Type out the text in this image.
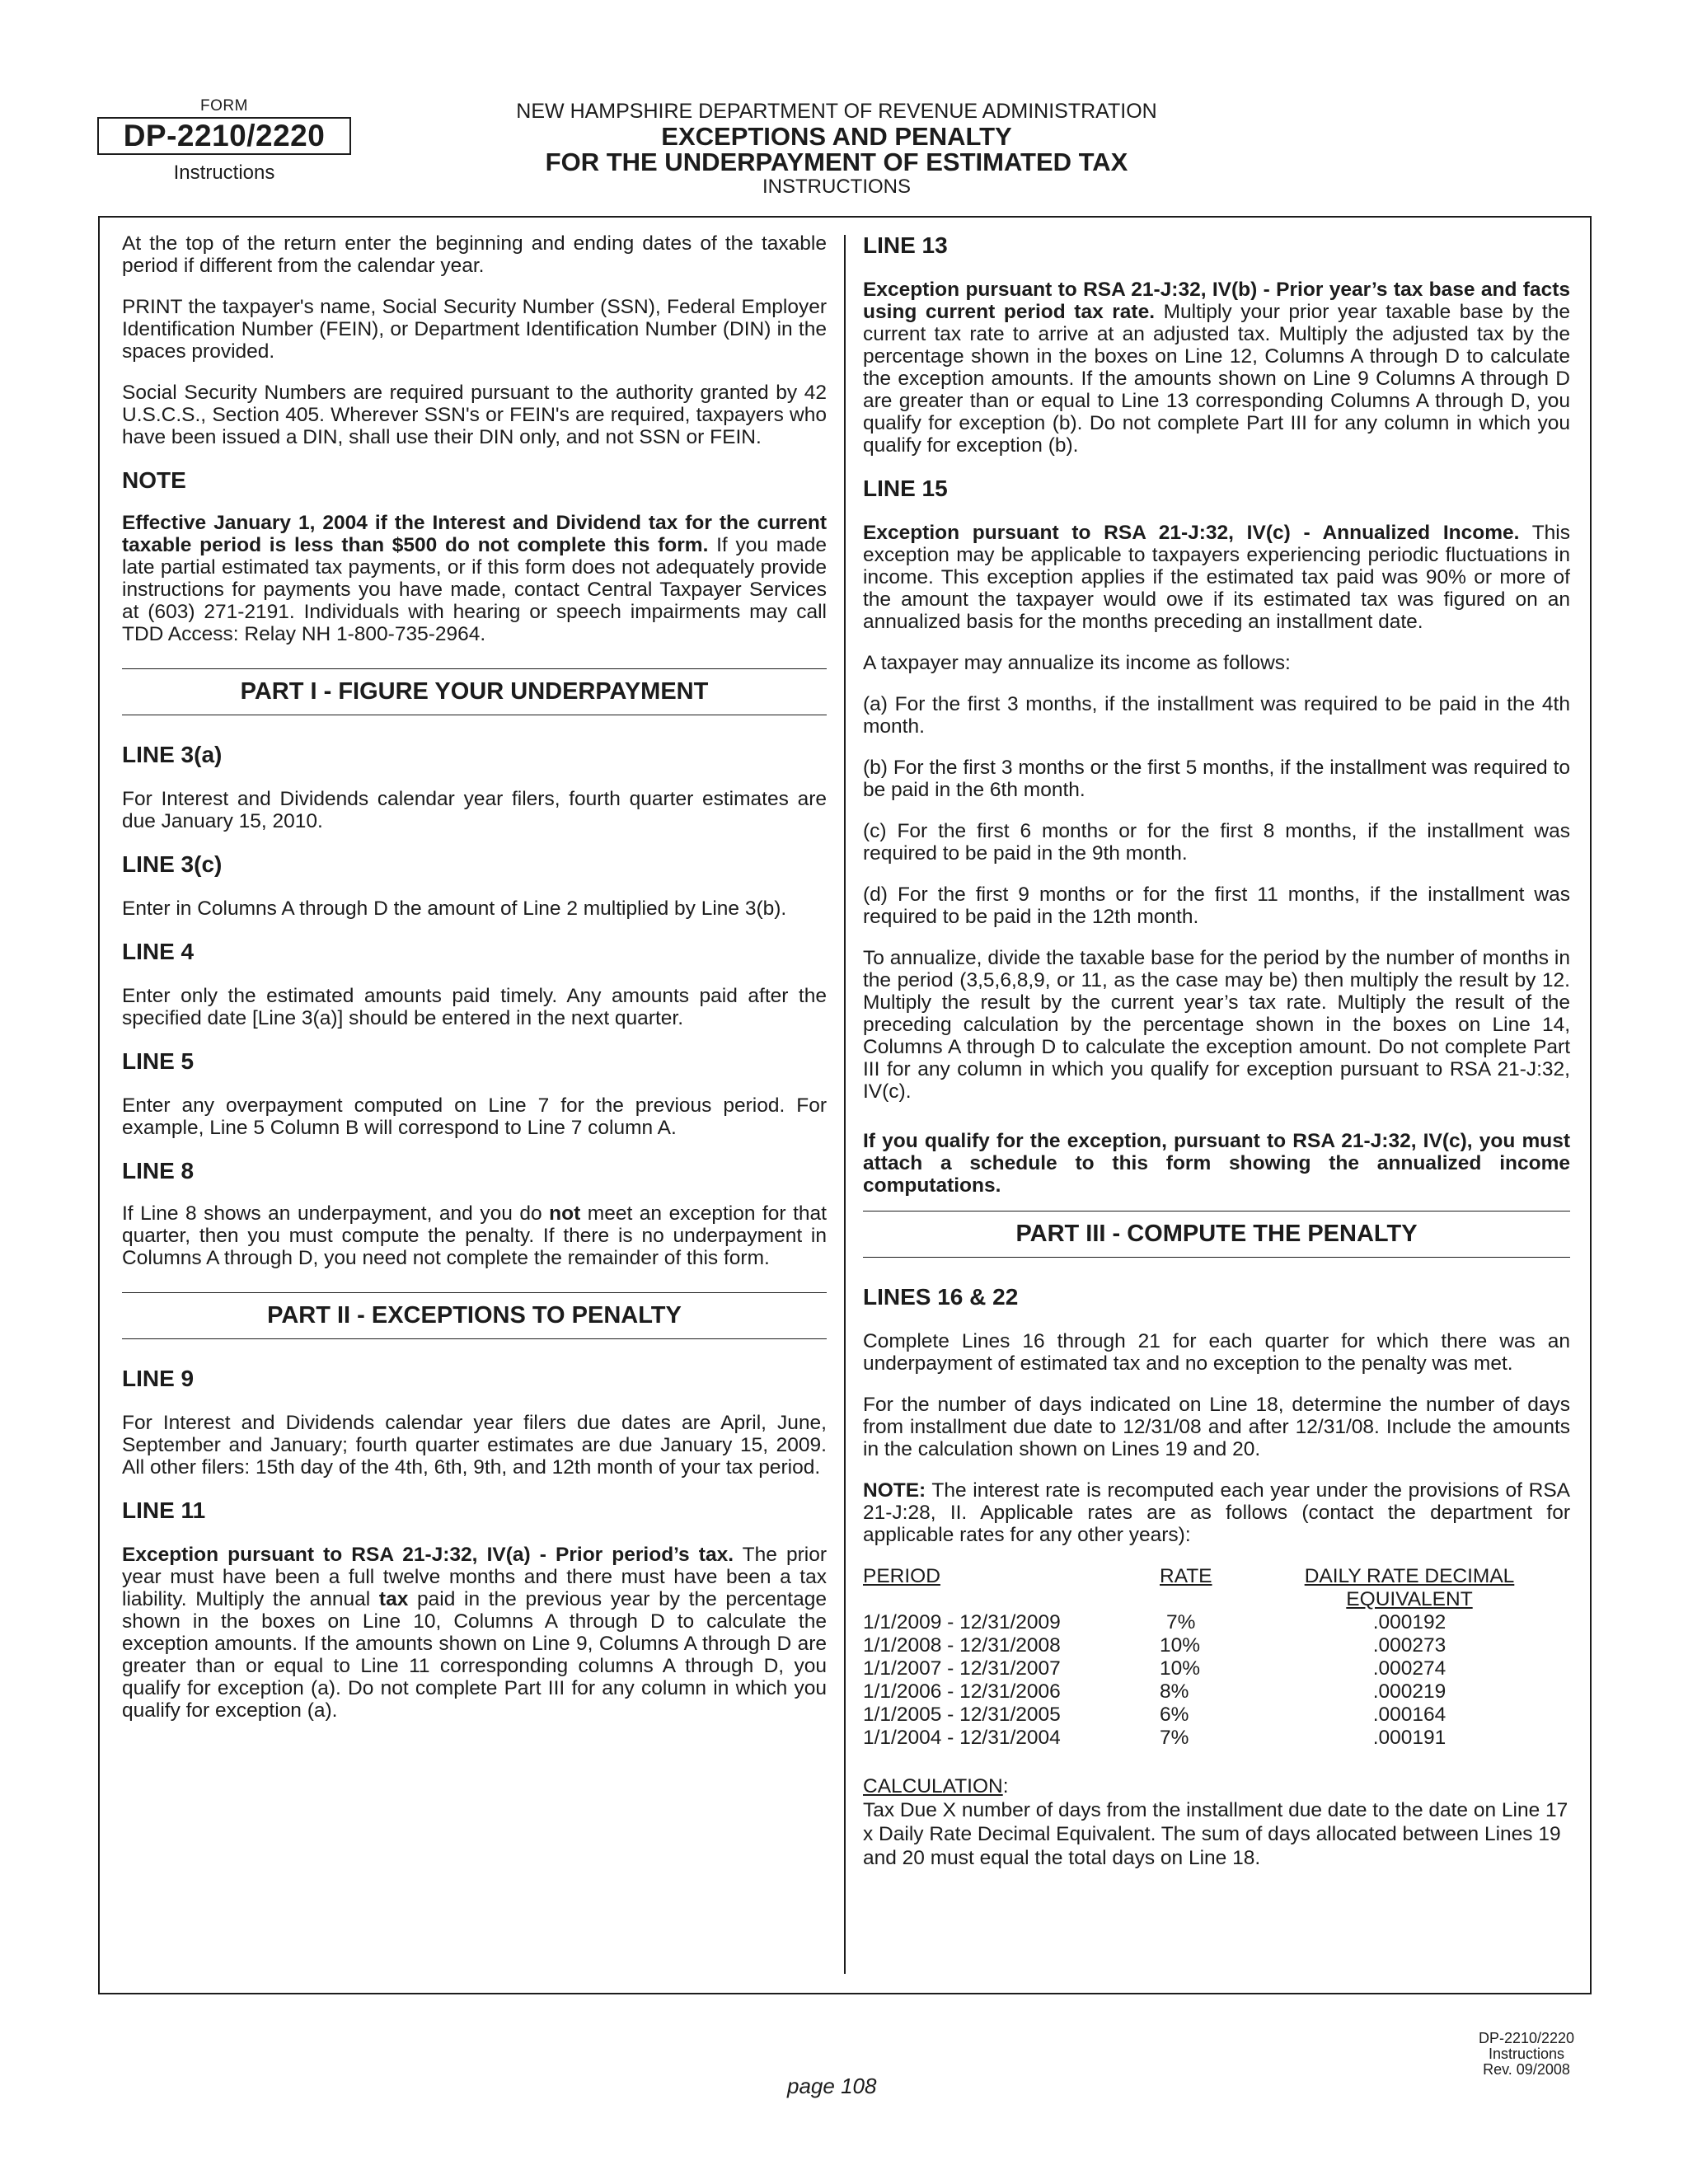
FORM
DP-2210/2220
Instructions
NEW HAMPSHIRE DEPARTMENT OF REVENUE ADMINISTRATION
EXCEPTIONS AND PENALTY
FOR THE UNDERPAYMENT OF ESTIMATED TAX
INSTRUCTIONS

At the top of the return enter the beginning and ending dates of the taxable period if different from the calendar year.

PRINT the taxpayer's name, Social Security Number (SSN), Federal Employer Identification Number (FEIN), or Department Identification Number (DIN) in the spaces provided.

Social Security Numbers are required pursuant to the authority granted by 42 U.S.C.S., Section 405. Wherever SSN's or FEIN's are required, taxpayers who have been issued a DIN, shall use their DIN only, and not SSN or FEIN.

NOTE

Effective January 1, 2004 if the Interest and Dividend tax for the current taxable period is less than $500 do not complete this form. If you made late partial estimated tax payments, or if this form does not adequately provide instructions for payments you have made, contact Central Taxpayer Services at (603) 271-2191. Individuals with hearing or speech impairments may call TDD Access: Relay NH 1-800-735-2964.

PART I - FIGURE YOUR UNDERPAYMENT
LINE 3(a)

For Interest and Dividends calendar year filers, fourth quarter estimates are due January 15, 2010.

LINE 3(c)

Enter in Columns A through D the amount of Line 2 multiplied by Line 3(b).

LINE 4

Enter only the estimated amounts paid timely. Any amounts paid after the specified date [Line 3(a)] should be entered in the next quarter.

LINE 5

Enter any overpayment computed on Line 7 for the previous period. For example, Line 5 Column B will correspond to Line 7 column A.

LINE 8

If Line 8 shows an underpayment, and you do not meet an exception for that quarter, then you must compute the penalty. If there is no underpayment in Columns A through D, you need not complete the remainder of this form.

PART II - EXCEPTIONS TO PENALTY
LINE 9

For Interest and Dividends calendar year filers due dates are April, June, September and January; fourth quarter estimates are due January 15, 2009. All other filers: 15th day of the 4th, 6th, 9th, and 12th month of your tax period.

LINE 11

Exception pursuant to RSA 21-J:32, IV(a) - Prior period’s tax. The prior year must have been a full twelve months and there must have been a tax liability. Multiply the annual tax paid in the previous year by the percentage shown in the boxes on Line 10, Columns A through D to calculate the exception amounts. If the amounts shown on Line 9, Columns A through D are greater than or equal to Line 11 corresponding columns A through D, you qualify for exception (a). Do not complete Part III for any column in which you qualify for exception (a).

LINE 13

Exception pursuant to RSA 21-J:32, IV(b) - Prior year’s tax base and facts using current period tax rate. Multiply your prior year taxable base by the current tax rate to arrive at an adjusted tax. Multiply the adjusted tax by the percentage shown in the boxes on Line 12, Columns A through D to calculate the exception amounts. If the amounts shown on Line 9 Columns A through D are greater than or equal to Line 13 corresponding Columns A through D, you qualify for exception (b). Do not complete Part III for any column in which you qualify for exception (b).

LINE 15

Exception pursuant to RSA 21-J:32, IV(c) - Annualized Income. This exception may be applicable to taxpayers experiencing periodic fluctuations in income. This exception applies if the estimated tax paid was 90% or more of the amount the taxpayer would owe if its estimated tax was figured on an annualized basis for the months preceding an installment date.

A taxpayer may annualize its income as follows:

(a) For the first 3 months, if the installment was required to be paid in the 4th month.

(b) For the first 3 months or the first 5 months, if the installment was required to be paid in the 6th month.

(c) For the first 6 months or for the first 8 months, if the installment was required to be paid in the 9th month.

(d) For the first 9 months or for the first 11 months, if the installment was required to be paid in the 12th month.

To annualize, divide the taxable base for the period by the number of months in the period (3,5,6,8,9, or 11, as the case may be) then multiply the result by 12. Multiply the result by the current year’s tax rate. Multiply the result of the preceding calculation by the percentage shown in the boxes on Line 14, Columns A through D to calculate the exception amount. Do not complete Part III for any column in which you qualify for exception pursuant to RSA 21-J:32, IV(c).

If you qualify for the exception, pursuant to RSA 21-J:32, IV(c), you must attach a schedule to this form showing the annualized income computations.

PART III - COMPUTE THE PENALTY
LINES 16 & 22

Complete Lines 16 through 21 for each quarter for which there was an underpayment of estimated tax and no exception to the penalty was met.

For the number of days indicated on Line 18, determine the number of days from installment due date to 12/31/08 and after 12/31/08. Include the amounts in the calculation shown on Lines 19 and 20.

NOTE: The interest rate is recomputed each year under the provisions of RSA 21-J:28, II. Applicable rates are as follows (contact the department for applicable rates for any other years):

PERIOD	RATE	DAILY RATE DECIMAL
EQUIVALENT
1/1/2009 - 12/31/2009	7%	.000192
1/1/2008 - 12/31/2008	10%	.000273
1/1/2007 - 12/31/2007	10%	.000274
1/1/2006 - 12/31/2006	8%	.000219
1/1/2005 - 12/31/2005	6%	.000164
1/1/2004 - 12/31/2004	7%	.000191

CALCULATION:
Tax Due X number of days from the installment due date to the date on Line 17 x Daily Rate Decimal Equivalent. The sum of days allocated between Lines 19 and 20 must equal the total days on Line 18.

page 108
DP-2210/2220
Instructions
Rev. 09/2008
